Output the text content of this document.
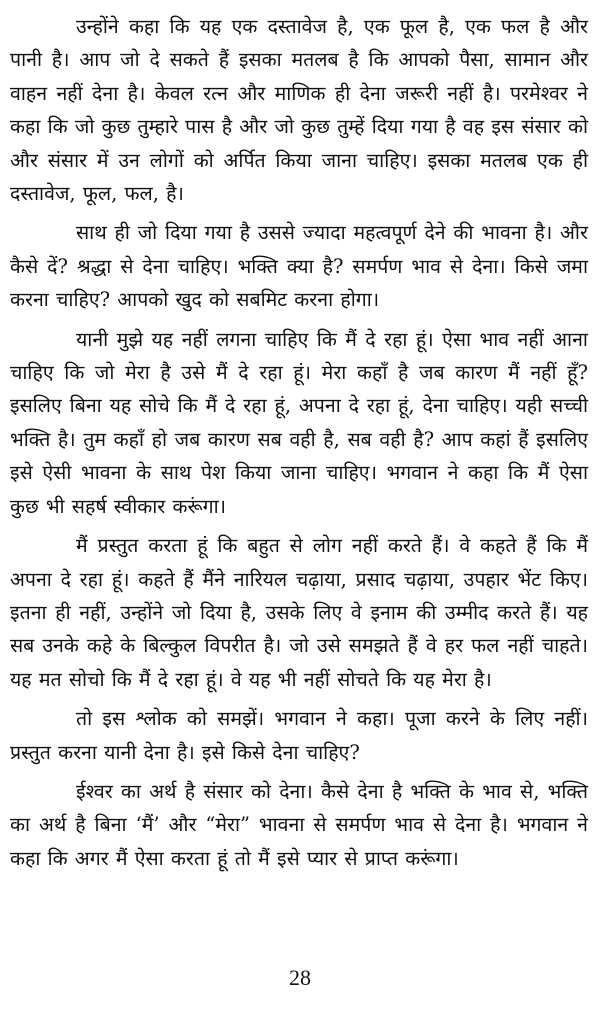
उन्होंने कहा कि यह एक दस्तावेज है, एक फूल है, एक फल है और पानी है। आप जो दे सकते हैं इसका मतलब है कि आपको पैसा, सामान और वाहन नहीं देना है। केवल रत्न और माणिक ही देना जरूरी नहीं है। परमेश्वर ने कहा कि जो कुछ तुम्हारे पास है और जो कुछ तुम्हें दिया गया है वह इस संसार को और संसार में उन लोगों को अर्पित किया जाना चाहिए। इसका मतलब एक ही दस्तावेज, फूल, फल, है।

साथ ही जो दिया गया है उससे ज्यादा महत्वपूर्ण देने की भावना है। और कैसे दें? श्रद्धा से देना चाहिए। भक्ति क्या है? समर्पण भाव से देना। किसे जमा करना चाहिए? आपको खुद को सबमिट करना होगा।

यानी मुझे यह नहीं लगना चाहिए कि मैं दे रहा हूं। ऐसा भाव नहीं आना चाहिए कि जो मेरा है उसे मैं दे रहा हूं। मेरा कहाँ है जब कारण मैं नहीं हूँ? इसलिए बिना यह सोचे कि मैं दे रहा हूं, अपना दे रहा हूं, देना चाहिए। यही सच्ची भक्ति है। तुम कहाँ हो जब कारण सब वही है, सब वही है? आप कहां हैं इसलिए इसे ऐसी भावना के साथ पेश किया जाना चाहिए। भगवान ने कहा कि मैं ऐसा कुछ भी सहर्ष स्वीकार करूंगा।

मैं प्रस्तुत करता हूं कि बहुत से लोग नहीं करते हैं। वे कहते हैं कि मैं अपना दे रहा हूं। कहते हैं मैंने नारियल चढ़ाया, प्रसाद चढ़ाया, उपहार भेंट किए। इतना ही नहीं, उन्होंने जो दिया है, उसके लिए वे इनाम की उम्मीद करते हैं। यह सब उनके कहे के बिल्कुल विपरीत है। जो उसे समझते हैं वे हर फल नहीं चाहते। यह मत सोचो कि मैं दे रहा हूं। वे यह भी नहीं सोचते कि यह मेरा है।

तो इस श्लोक को समझें। भगवान ने कहा। पूजा करने के लिए नहीं। प्रस्तुत करना यानी देना है। इसे किसे देना चाहिए?

ईश्वर का अर्थ है संसार को देना। कैसे देना है भक्ति के भाव से, भक्ति का अर्थ है बिना ‘मैं’ और “मेरा” भावना से समर्पण भाव से देना है। भगवान ने कहा कि अगर मैं ऐसा करता हूं तो मैं इसे प्यार से प्राप्त करूंगा।

28
